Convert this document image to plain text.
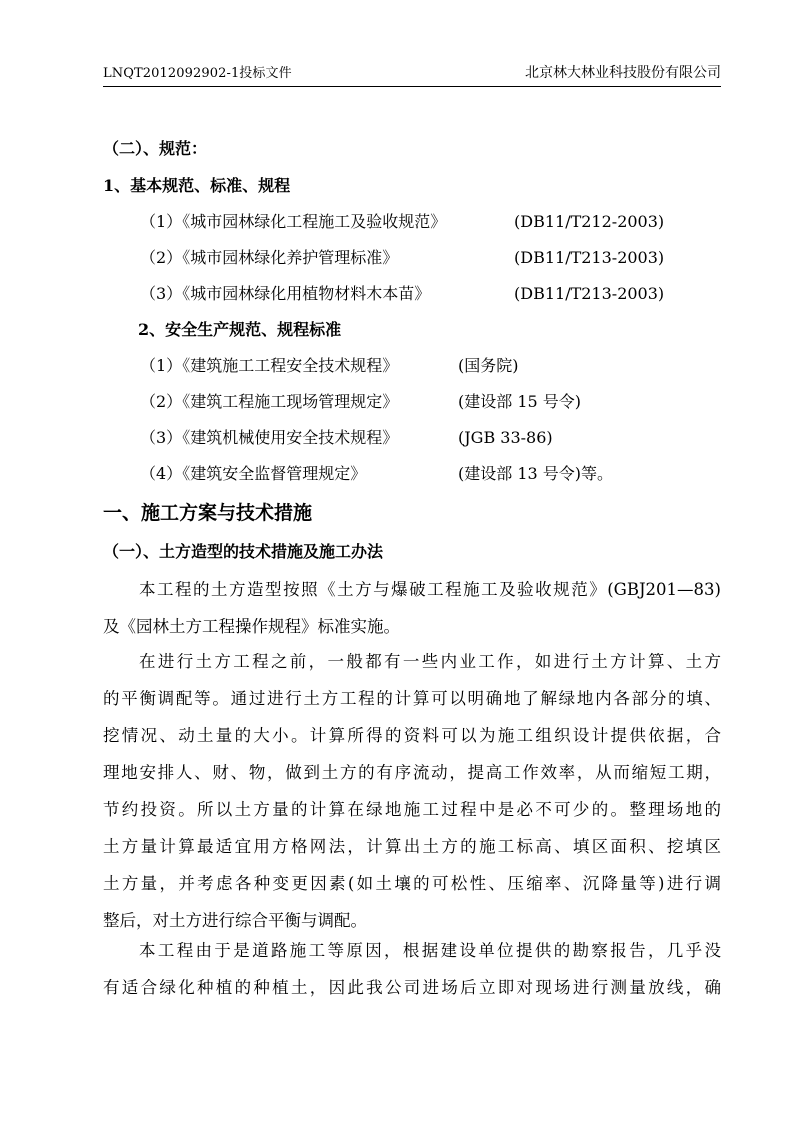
LNQT2012092902-1投标文件	北京林大林业科技股份有限公司
（二）、规范：
1、基本规范、标准、规程
（1）《城市园林绿化工程施工及验收规范》	(DB11/T212-2003)
（2）《城市园林绿化养护管理标准》	(DB11/T213-2003)
（3）《城市园林绿化用植物材料木本苗》	(DB11/T213-2003)
2、安全生产规范、规程标准
（1）《建筑施工工程安全技术规程》	(国务院)
（2）《建筑工程施工现场管理规定》	(建设部 15 号令)
（3）《建筑机械使用安全技术规程》	(JGB 33-86)
（4）《建筑安全监督管理规定》	(建设部 13 号令)等。
一、施工方案与技术措施
（一）、土方造型的技术措施及施工办法
本工程的土方造型按照《土方与爆破工程施工及验收规范》(GBJ201—83)
及《园林土方工程操作规程》标准实施。
在进行土方工程之前，一般都有一些内业工作，如进行土方计算、土方
的平衡调配等。通过进行土方工程的计算可以明确地了解绿地内各部分的填、
挖情况、动土量的大小。计算所得的资料可以为施工组织设计提供依据，合
理地安排人、财、物，做到土方的有序流动，提高工作效率，从而缩短工期，
节约投资。所以土方量的计算在绿地施工过程中是必不可少的。整理场地的
土方量计算最适宜用方格网法，计算出土方的施工标高、填区面积、挖填区
土方量，并考虑各种变更因素(如土壤的可松性、压缩率、沉降量等)进行调
整后，对土方进行综合平衡与调配。
本工程由于是道路施工等原因，根据建设单位提供的勘察报告，几乎没
有适合绿化种植的种植土，因此我公司进场后立即对现场进行测量放线，确
